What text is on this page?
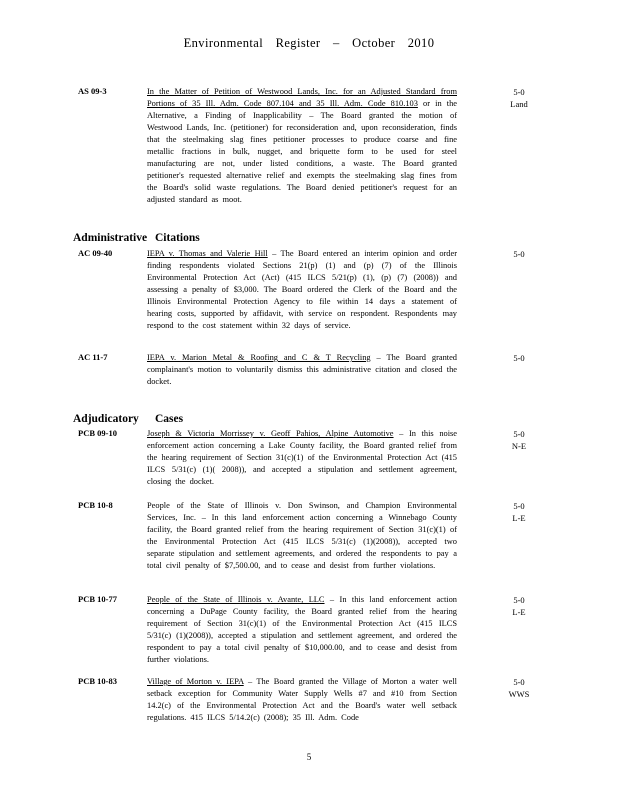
Environmental Register – October 2010
AS 09-3	In the Matter of Petition of Westwood Lands, Inc. for an Adjusted Standard from Portions of 35 Ill. Adm. Code 807.104 and 35 Ill. Adm. Code 810.103 or in the Alternative, a Finding of Inapplicability – The Board granted the motion of Westwood Lands, Inc. (petitioner) for reconsideration and, upon reconsideration, finds that the steelmaking slag fines petitioner processes to produce coarse and fine metallic fractions in bulk, nugget, and briquette form to be used for steel manufacturing are not, under listed conditions, a waste. The Board granted petitioner's requested alternative relief and exempts the steelmaking slag fines from the Board's solid waste regulations. The Board denied petitioner's request for an adjusted standard as moot.
5-0
Land
Administrative Citations
AC 09-40	IEPA v. Thomas and Valerie Hill – The Board entered an interim opinion and order finding respondents violated Sections 21(p) (1) and (p) (7) of the Illinois Environmental Protection Act (Act) (415 ILCS 5/21(p) (1), (p) (7) (2008)) and assessing a penalty of $3,000. The Board ordered the Clerk of the Board and the Illinois Environmental Protection Agency to file within 14 days a statement of hearing costs, supported by affidavit, with service on respondent. Respondents may respond to the cost statement within 32 days of service.
5-0
AC 11-7	IEPA v. Marion Metal & Roofing and C & T Recycling – The Board granted complainant's motion to voluntarily dismiss this administrative citation and closed the docket.
5-0
Adjudicatory Cases
PCB 09-10	Joseph & Victoria Morrissey v. Geoff Pahios, Alpine Automotive – In this noise enforcement action concerning a Lake County facility, the Board granted relief from the hearing requirement of Section 31(c)(1) of the Environmental Protection Act (415 ILCS 5/31(c) (1)( 2008)), and accepted a stipulation and settlement agreement, closing the docket.
5-0
N-E
PCB 10-8	People of the State of Illinois v. Don Swinson, and Champion Environmental Services, Inc. – In this land enforcement action concerning a Winnebago County facility, the Board granted relief from the hearing requirement of Section 31(c)(1) of the Environmental Protection Act (415 ILCS 5/31(c) (1)(2008)), accepted two separate stipulation and settlement agreements, and ordered the respondents to pay a total civil penalty of $7,500.00, and to cease and desist from further violations.
5-0
L-E
PCB 10-77	People of the State of Illinois v. Avante, LLC – In this land enforcement action concerning a DuPage County facility, the Board granted relief from the hearing requirement of Section 31(c)(1) of the Environmental Protection Act (415 ILCS 5/31(c) (1)(2008)), accepted a stipulation and settlement agreement, and ordered the respondent to pay a total civil penalty of $10,000.00, and to cease and desist from further violations.
5-0
L-E
PCB 10-83	Village of Morton v. IEPA – The Board granted the Village of Morton a water well setback exception for Community Water Supply Wells #7 and #10 from Section 14.2(c) of the Environmental Protection Act and the Board's water well setback regulations. 415 ILCS 5/14.2(c) (2008); 35 Ill. Adm. Code
5-0
WWS
5
